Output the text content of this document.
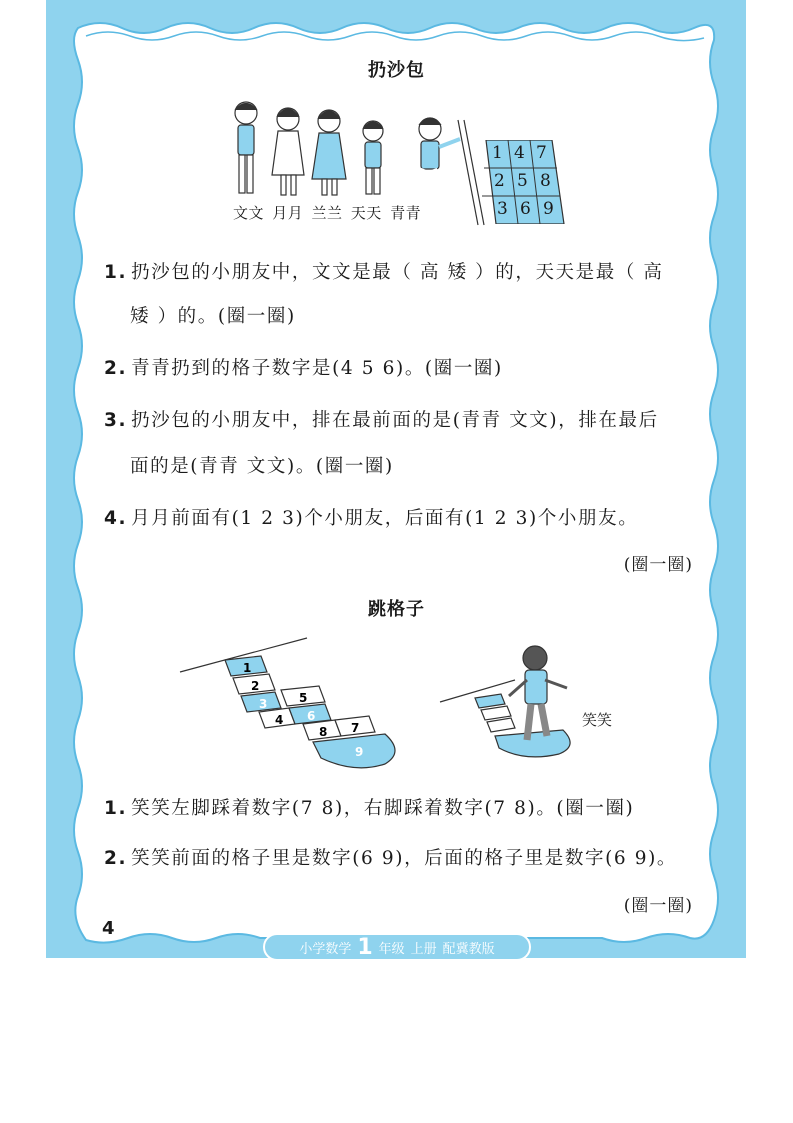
扔沙包
文文 月月 兰兰 天天 青青
1 4 7
2 5 8
3 6 9
1. 扔沙包的小朋友中，文文是最（ 高 矮 ）的，天天是最（ 高
矮 ）的。(圈一圈)
2. 青青扔到的格子数字是(4 5 6)。(圈一圈)
3. 扔沙包的小朋友中，排在最前面的是(青青 文文)，排在最后
面的是(青青 文文)。(圈一圈)
4. 月月前面有(1 2 3)个小朋友，后面有(1 2 3)个小朋友。
(圈一圈)
跳格子
1
2
3
4
5
6
7
8
9
笑笑
1. 笑笑左脚踩着数字(7 8)，右脚踩着数字(7 8)。(圈一圈)
2. 笑笑前面的格子里是数字(6 9)，后面的格子里是数字(6 9)。
(圈一圈)
4
小学数学 1 年级 上册 配冀教版
